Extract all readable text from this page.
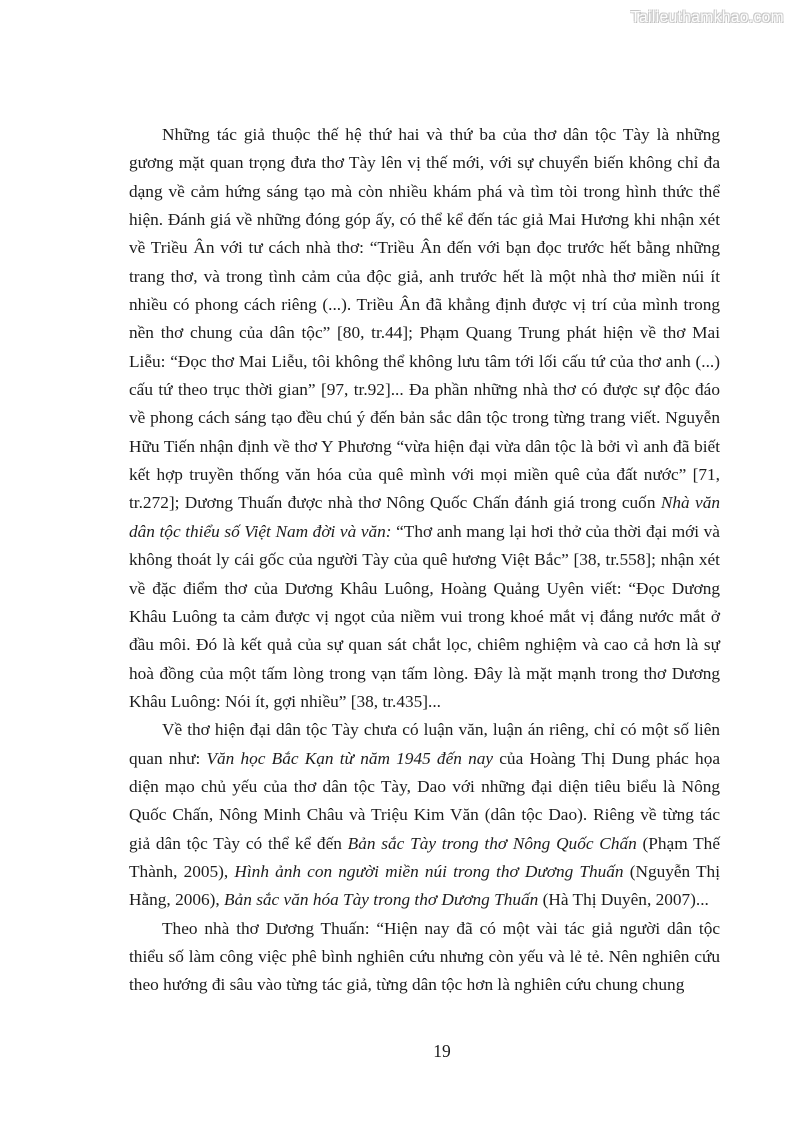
Tailieuthamkhao.com

Những tác giả thuộc thế hệ thứ hai và thứ ba của thơ dân tộc Tày là những gương mặt quan trọng đưa thơ Tày lên vị thế mới, với sự chuyển biến không chỉ đa dạng về cảm hứng sáng tạo mà còn nhiều khám phá và tìm tòi trong hình thức thể hiện. Đánh giá về những đóng góp ấy, có thể kể đến tác giả Mai Hương khi nhận xét về Triều Ân với tư cách nhà thơ: “Triều Ân đến với bạn đọc trước hết bằng những trang thơ, và trong tình cảm của độc giả, anh trước hết là một nhà thơ miền núi ít nhiều có phong cách riêng (...). Triều Ân đã khẳng định được vị trí của mình trong nền thơ chung của dân tộc” [80, tr.44]; Phạm Quang Trung phát hiện về thơ Mai Liễu: “Đọc thơ Mai Liễu, tôi không thể không lưu tâm tới lối cấu tứ của thơ anh (...) cấu tứ theo trục thời gian” [97, tr.92]... Đa phần những nhà thơ có được sự độc đáo về phong cách sáng tạo đều chú ý đến bản sắc dân tộc trong từng trang viết. Nguyễn Hữu Tiến nhận định về thơ Y Phương “vừa hiện đại vừa dân tộc là bởi vì anh đã biết kết hợp truyền thống văn hóa của quê mình với mọi miền quê của đất nước” [71, tr.272]; Dương Thuấn được nhà thơ Nông Quốc Chấn đánh giá trong cuốn Nhà văn dân tộc thiểu số Việt Nam đời và văn: “Thơ anh mang lại hơi thở của thời đại mới và không thoát ly cái gốc của người Tày của quê hương Việt Bắc” [38, tr.558]; nhận xét về đặc điểm thơ của Dương Khâu Luông, Hoàng Quảng Uyên viết: “Đọc Dương Khâu Luông ta cảm được vị ngọt của niềm vui trong khoé mắt vị đắng nước mắt ở đầu môi. Đó là kết quả của sự quan sát chắt lọc, chiêm nghiệm và cao cả hơn là sự hoà đồng của một tấm lòng trong vạn tấm lòng. Đây là mặt mạnh trong thơ Dương Khâu Luông: Nói ít, gợi nhiều” [38, tr.435]...

Về thơ hiện đại dân tộc Tày chưa có luận văn, luận án riêng, chỉ có một số liên quan như: Văn học Bắc Kạn từ năm 1945 đến nay của Hoàng Thị Dung phác họa diện mạo chủ yếu của thơ dân tộc Tày, Dao với những đại diện tiêu biểu là Nông Quốc Chấn, Nông Minh Châu và Triệu Kim Văn (dân tộc Dao). Riêng về từng tác giả dân tộc Tày có thể kể đến Bản sắc Tày trong thơ Nông Quốc Chấn (Phạm Thế Thành, 2005), Hình ảnh con người miền núi trong thơ Dương Thuấn (Nguyễn Thị Hằng, 2006), Bản sắc văn hóa Tày trong thơ Dương Thuấn (Hà Thị Duyên, 2007)...

Theo nhà thơ Dương Thuấn: “Hiện nay đã có một vài tác giả người dân tộc thiểu số làm công việc phê bình nghiên cứu nhưng còn yếu và lẻ tẻ. Nên nghiên cứu theo hướng đi sâu vào từng tác giả, từng dân tộc hơn là nghiên cứu chung chung

19
